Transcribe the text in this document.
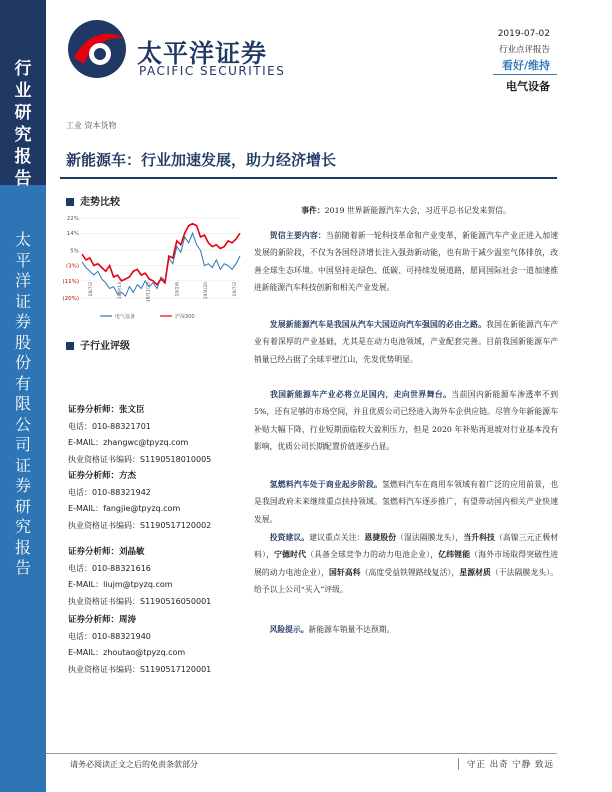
行业研究报告
太平洋证券股份有限公司证券研究报告
太平洋证券
PACIFIC SECURITIES
2019-07-02
行业点评报告
看好/维持
电气设备
工业 资本货物
新能源车：行业加速发展，助力经济增长
走势比较
22%
14%
5%
(3%)
(11%)
(20%)
18/7/2	18/9/13	18/11/25	19/2/6	19/4/20	19/7/2
电气设备	沪深300
子行业评级
证券分析师：张文臣
电话：010-88321701
E-MAIL：zhangwc@tpyzq.com
执业资格证书编码：S1190518010005
证券分析师：方杰
电话：010-88321942
E-MAIL：fangjie@tpyzq.com
执业资格证书编码：S1190517120002
证券分析师：刘晶敏
电话：010-88321616
E-MAIL：liujm@tpyzq.com
执业资格证书编码：S1190516050001
证券分析师：周涛
电话：010-88321940
E-MAIL：zhoutao@tpyzq.com
执业资格证书编码：S1190517120001
事件：2019 世界新能源汽车大会，习近平总书记发来贺信。
  贺信主要内容：当前随着新一轮科技革命和产业变革，新能源汽车产业正进入加速发展的新阶段，不仅为各国经济增长注入强劲新动能，也有助于减少温室气体排放，改善全球生态环境。中国坚持走绿色、低碳、可持续发展道路，愿同国际社会一道加速推进新能源汽车科技创新和相关产业发展。
  发展新能源汽车是我国从汽车大国迈向汽车强国的必由之路。我国在新能源汽车产业有着深厚的产业基础，尤其是在动力电池领域，产业配套完善。目前我国新能源车产销量已经占据了全球半壁江山，先发优势明显。
  我国新能源车产业必将立足国内，走向世界舞台。当前国内新能源车渗透率不到 5%，还有足够的市场空间，并且优质公司已经进入海外车企供应链。尽管今年新能源车补贴大幅下降，行业短期面临较大盈利压力，但是 2020 年补贴再退坡对行业基本没有影响，优质公司长期配置价值逐步凸显。
  氢燃料汽车处于商业起步阶段。氢燃料汽车在商用车领域有着广泛的应用前景，也是我国政府未来继续重点扶持领域。氢燃料汽车逐步推广，有望带动国内相关产业快速发展。
  投资建议。建议重点关注：恩捷股份（湿法隔膜龙头），当升科技（高镍三元正极材料），宁德时代（具备全球竞争力的动力电池企业），亿纬锂能（海外市场取得突破性进展的动力电池企业），国轩高科（高度受益铁锂路线复活），星源材质（干法隔膜龙头）。给予以上公司“买入”评级。
  风险提示。新能源车销量不达预期。
请务必阅读正文之后的免责条款部分	守正 出奇 宁静 致远
